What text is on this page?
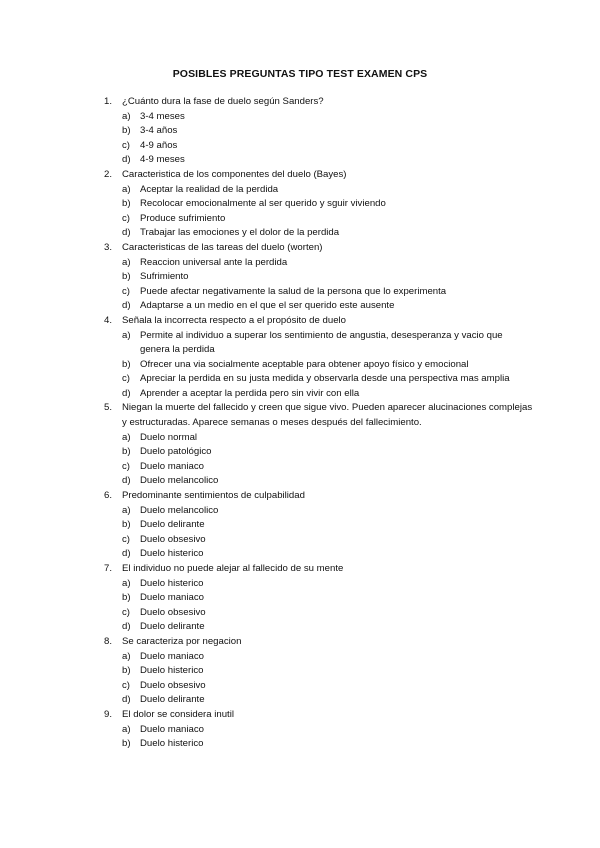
POSIBLES PREGUNTAS TIPO TEST EXAMEN CPS
1.	¿Cuánto dura la fase de duelo según Sanders?
a) 3-4 meses
b) 3-4 años
c)	4-9 años
d) 4-9 meses
2.	Caracteristica de los componentes del duelo (Bayes)
a) Aceptar la realidad de la perdida
b) Recolocar emocionalmente al ser querido y sguir viviendo
c)	Produce sufrimiento
d) Trabajar las emociones y el dolor de la perdida
3.	Caracteristicas de las tareas del duelo (worten)
a) Reaccion universal ante la perdida
b) Sufrimiento
c)	Puede afectar negativamente la salud de la persona que lo experimenta
d) Adaptarse a un medio en el que el ser querido este ausente
4.	Señala la incorrecta respecto a el propósito de duelo
a) Permite al individuo a superar los sentimiento de angustia, desesperanza y vacio que genera la perdida
b) Ofrecer una via socialmente aceptable para obtener apoyo físico y emocional
c)	Apreciar la perdida en su justa medida y observarla desde una perspectiva mas amplia
d) Aprender a aceptar la perdida pero sin vivir con ella
5.	Niegan la muerte del fallecido y creen que sigue vivo. Pueden aparecer alucinaciones complejas y estructuradas. Aparece semanas o meses después del fallecimiento.
a) Duelo normal
b) Duelo patológico
c)	Duelo maniaco
d) Duelo melancolico
6.	Predominante sentimientos de culpabilidad
a) Duelo melancolico
b) Duelo delirante
c)	Duelo obsesivo
d) Duelo histerico
7.	El individuo no puede alejar al fallecido de su mente
a) Duelo histerico
b) Duelo maniaco
c)	Duelo obsesivo
d) Duelo delirante
8.	Se caracteriza por negacion
a) Duelo maniaco
b) Duelo histerico
c)	Duelo obsesivo
d) Duelo delirante
9.	El dolor se considera inutil
a) Duelo maniaco
b) Duelo histerico
